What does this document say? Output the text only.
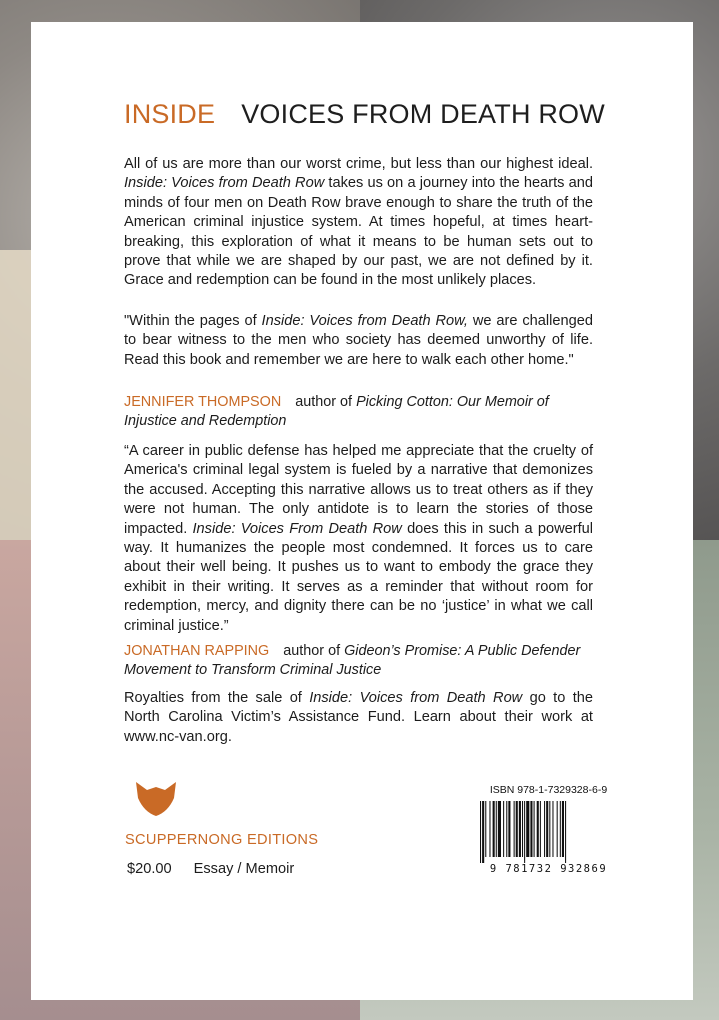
INSIDE VOICES FROM DEATH ROW
All of us are more than our worst crime, but less than our highest ideal. Inside: Voices from Death Row takes us on a journey into the hearts and minds of four men on Death Row brave enough to share the truth of the American criminal injustice system. At times hopeful, at times heart-breaking, this exploration of what it means to be human sets out to prove that while we are shaped by our past, we are not defined by it. Grace and redemption can be found in the most unlikely places.
"Within the pages of Inside: Voices from Death Row, we are challenged to bear witness to the men who society has deemed unworthy of life. Read this book and remember we are here to walk each other home."
JENNIFER THOMPSON author of Picking Cotton: Our Memoir of Injustice and Redemption
“A career in public defense has helped me appreciate that the cruelty of America's criminal legal system is fueled by a narrative that demonizes the accused. Accepting this narrative allows us to treat others as if they were not human. The only antidote is to learn the stories of those impacted. Inside: Voices From Death Row does this in such a powerful way. It humanizes the people most condemned. It forces us to care about their well being. It pushes us to want to embody the grace they exhibit in their writing. It serves as a reminder that without room for redemption, mercy, and dignity there can be no ‘justice’ in what we call criminal justice.”
JONATHAN RAPPING author of Gideon’s Promise: A Public Defender Movement to Transform Criminal Justice
Royalties from the sale of Inside: Voices from Death Row go to the North Carolina Victim’s Assistance Fund. Learn about their work at www.nc-van.org.
SCUPPERNONG EDITIONS
$20.00 Essay / Memoir
ISBN 978-1-7329328-6-9
9 781732 932869
